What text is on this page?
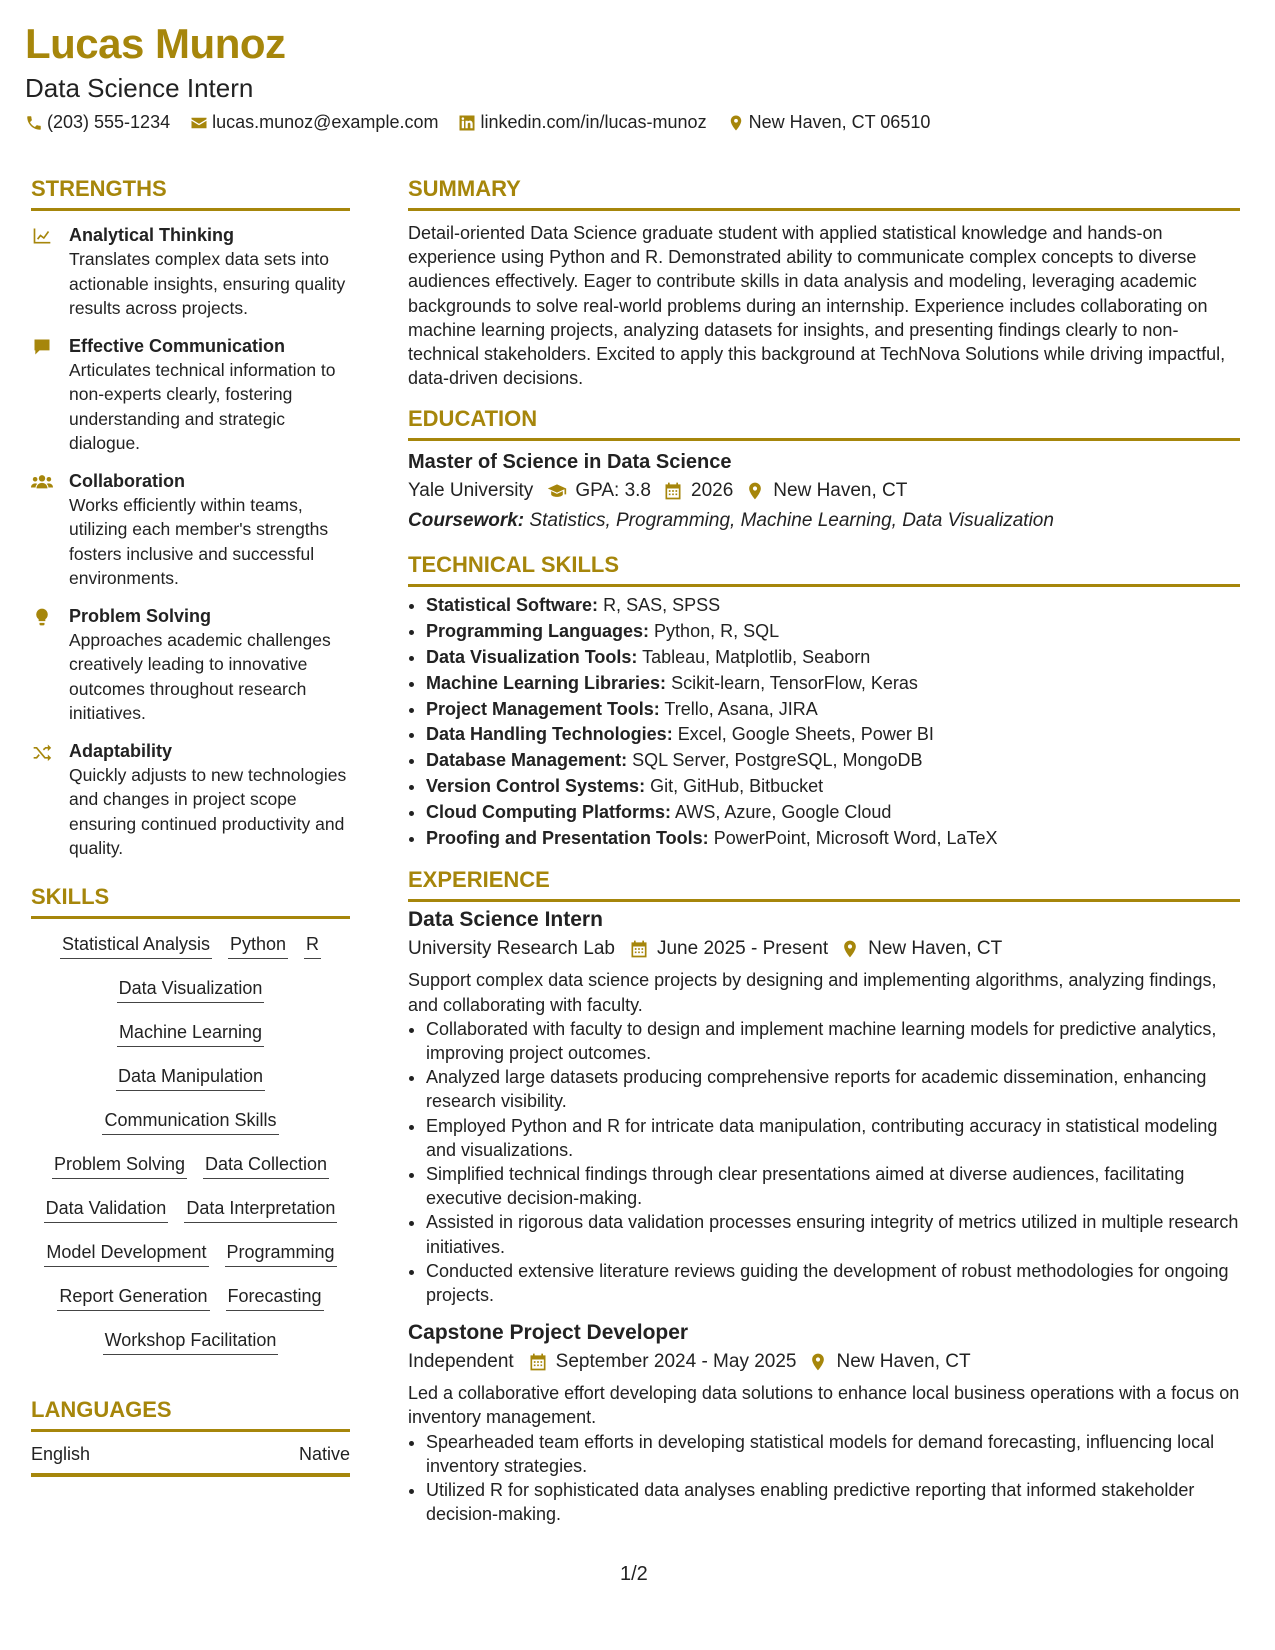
Lucas Munoz
Data Science Intern
(203) 555-1234 lucas.munoz@example.com linkedin.com/in/lucas-munoz New Haven, CT 06510
STRENGTHS
Analytical Thinking
Translates complex data sets into actionable insights, ensuring quality results across projects.
Effective Communication
Articulates technical information to non-experts clearly, fostering understanding and strategic dialogue.
Collaboration
Works efficiently within teams, utilizing each member's strengths fosters inclusive and successful environments.
Problem Solving
Approaches academic challenges creatively leading to innovative outcomes throughout research initiatives.
Adaptability
Quickly adjusts to new technologies and changes in project scope ensuring continued productivity and quality.
SKILLS
Statistical Analysis Python R
Data Visualization
Machine Learning
Data Manipulation
Communication Skills
Problem Solving Data Collection
Data Validation Data Interpretation
Model Development Programming
Report Generation Forecasting
Workshop Facilitation
LANGUAGES
English	Native
SUMMARY
Detail-oriented Data Science graduate student with applied statistical knowledge and hands-on experience using Python and R. Demonstrated ability to communicate complex concepts to diverse audiences effectively. Eager to contribute skills in data analysis and modeling, leveraging academic backgrounds to solve real-world problems during an internship. Experience includes collaborating on machine learning projects, analyzing datasets for insights, and presenting findings clearly to non-technical stakeholders. Excited to apply this background at TechNova Solutions while driving impactful, data-driven decisions.
EDUCATION
Master of Science in Data Science
Yale University GPA: 3.8 2026 New Haven, CT
Coursework: Statistics, Programming, Machine Learning, Data Visualization
TECHNICAL SKILLS
• Statistical Software: R, SAS, SPSS
• Programming Languages: Python, R, SQL
• Data Visualization Tools: Tableau, Matplotlib, Seaborn
• Machine Learning Libraries: Scikit-learn, TensorFlow, Keras
• Project Management Tools: Trello, Asana, JIRA
• Data Handling Technologies: Excel, Google Sheets, Power BI
• Database Management: SQL Server, PostgreSQL, MongoDB
• Version Control Systems: Git, GitHub, Bitbucket
• Cloud Computing Platforms: AWS, Azure, Google Cloud
• Proofing and Presentation Tools: PowerPoint, Microsoft Word, LaTeX
EXPERIENCE
Data Science Intern
University Research Lab June 2025 - Present New Haven, CT
Support complex data science projects by designing and implementing algorithms, analyzing findings, and collaborating with faculty.
• Collaborated with faculty to design and implement machine learning models for predictive analytics, improving project outcomes.
• Analyzed large datasets producing comprehensive reports for academic dissemination, enhancing research visibility.
• Employed Python and R for intricate data manipulation, contributing accuracy in statistical modeling and visualizations.
• Simplified technical findings through clear presentations aimed at diverse audiences, facilitating executive decision-making.
• Assisted in rigorous data validation processes ensuring integrity of metrics utilized in multiple research initiatives.
• Conducted extensive literature reviews guiding the development of robust methodologies for ongoing projects.
Capstone Project Developer
Independent September 2024 - May 2025 New Haven, CT
Led a collaborative effort developing data solutions to enhance local business operations with a focus on inventory management.
• Spearheaded team efforts in developing statistical models for demand forecasting, influencing local inventory strategies.
• Utilized R for sophisticated data analyses enabling predictive reporting that informed stakeholder decision-making.
1/2
